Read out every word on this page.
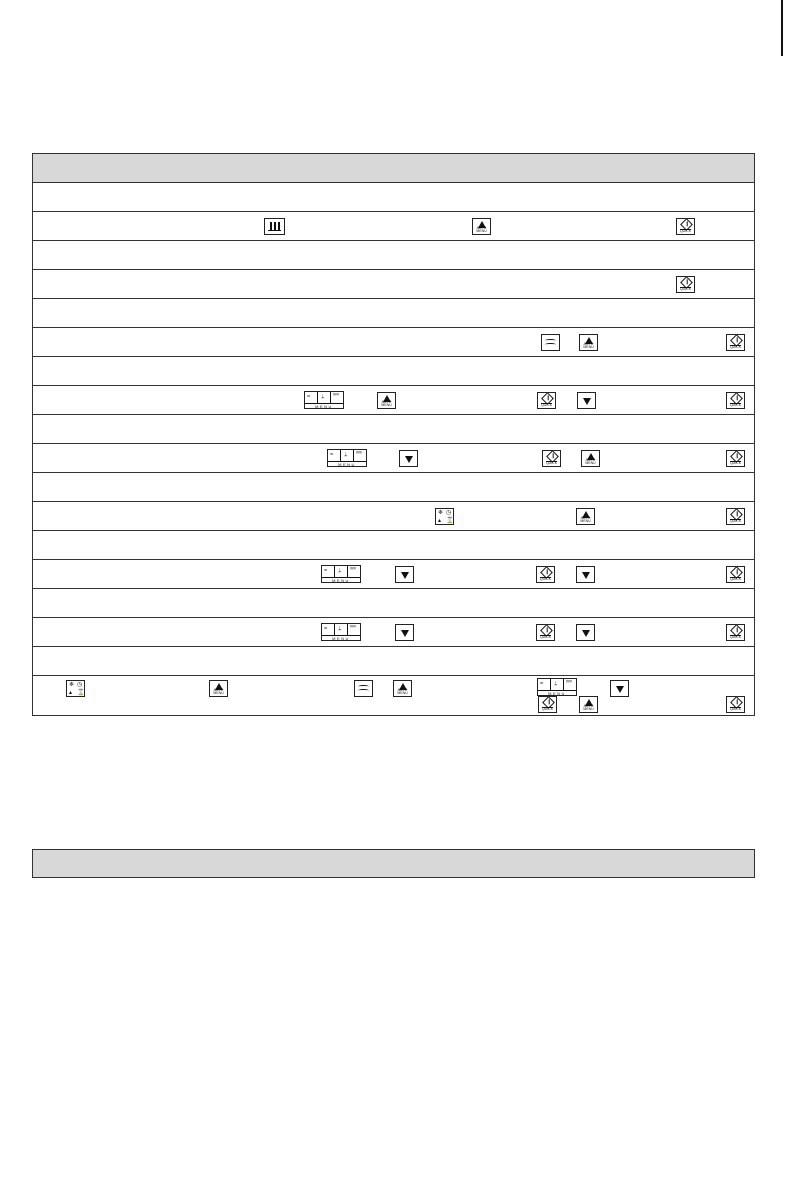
AUTO MENU	QUICK
QUICK
AUTO MENU	QUICK
≈ ᛦ ᵛᵛᵛ
MENU
AUTO MENU	QUICK	QUICK
≈ ᛦ ᵛᵛᵛ
MENU	QUICK
AUTO MENU	QUICK
❄ ◷
▴ ⌛	AUTO MENU	QUICK
≈ ᛦ ᵛᵛᵛ
MENU	QUICK	QUICK
≈ ᛦ ᵛᵛᵛ
MENU	QUICK	QUICK
❄ ◷
▴ ⌛	AUTO MENU
AUTO MENU
≈ ᛦ ᵛᵛᵛ
MENU
QUICK
AUTO MENU	QUICK
